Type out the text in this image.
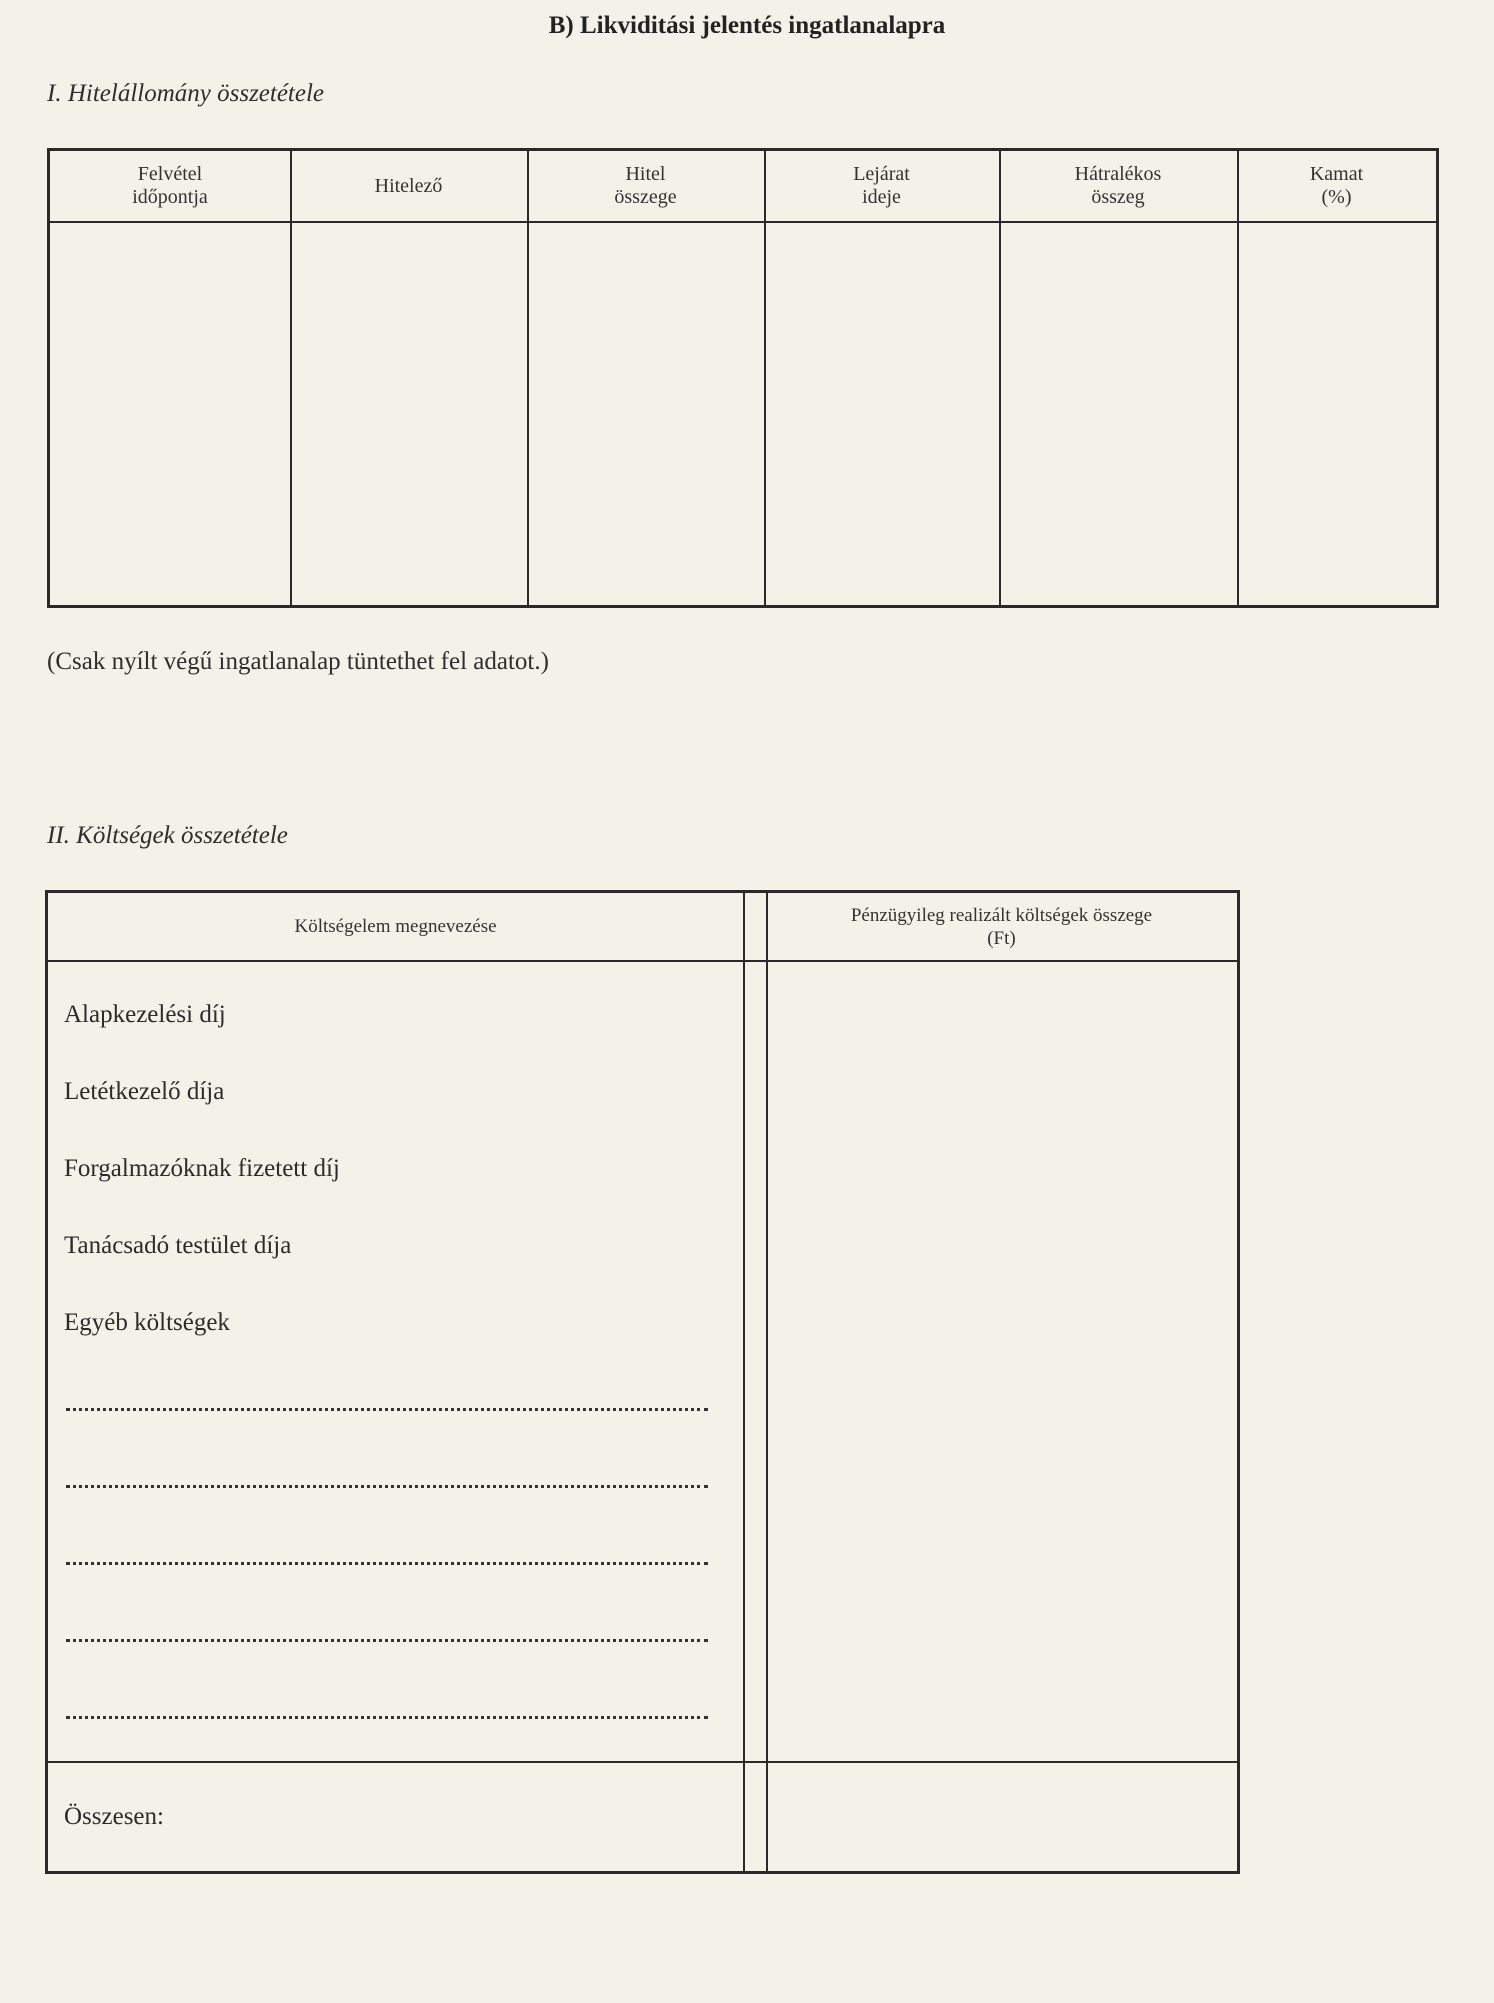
B) Likviditási jelentés ingatlanalapra
I. Hitelállomány összetétele
Felvétel
időpontja
Hitelező
Hitel
összege
Lejárat
ideje
Hátralékos
összeg
Kamat
(%)
(Csak nyílt végű ingatlanalap tüntethet fel adatot.)
II. Költségek összetétele
Költségelem megnevezése
Pénzügyileg realizált költségek összege
(Ft)
Alapkezelési díj
Letétkezelő díja
Forgalmazóknak fizetett díj
Tanácsadó testület díja
Egyéb költségek
Összesen:
